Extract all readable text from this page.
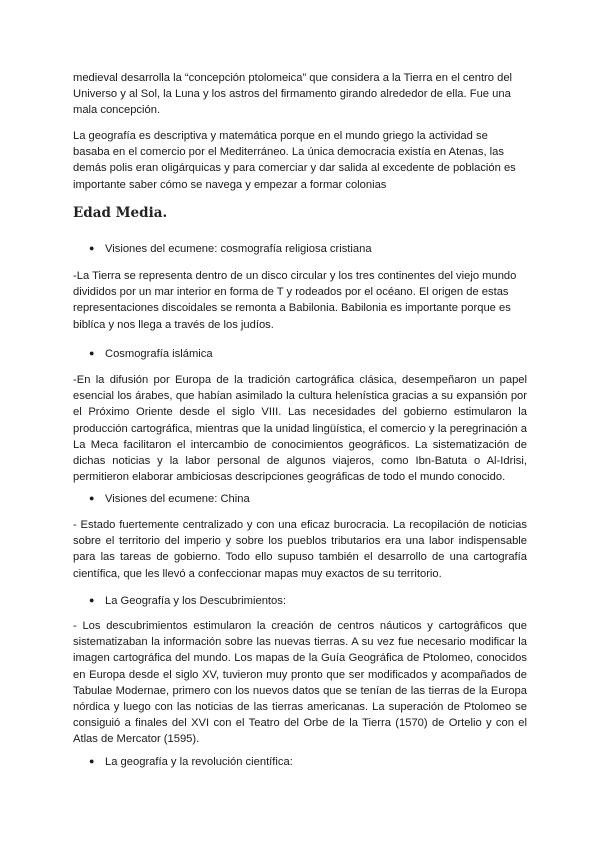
medieval desarrolla la “concepción ptolomeica” que considera a la Tierra en el centro del Universo y al Sol, la Luna y los astros del firmamento girando alrededor de ella. Fue una mala concepción.

La geografía es descriptiva y matemática porque en el mundo griego la actividad se basaba en el comercio por el Mediterráneo. La única democracia existía en Atenas, las demás polis eran oligárquicas y para comerciar y dar salida al excedente de población es importante saber cómo se navega y empezar a formar colonias

Edad Media.

● Visiones del ecumene: cosmografía religiosa cristiana

-La Tierra se representa dentro de un disco circular y los tres continentes del viejo mundo divididos por un mar interior en forma de T y rodeados por el océano. El origen de estas representaciones discoidales se remonta a Babilonia. Babilonia es importante porque es biblíca y nos llega a través de los judíos.

● Cosmografía islámica

-En la difusión por Europa de la tradición cartográfica clásica, desempeñaron un papel esencial los árabes, que habían asimilado la cultura helenística gracias a su expansión por el Próximo Oriente desde el siglo VIII. Las necesidades del gobierno estimularon la producción cartográfica, mientras que la unidad lingüística, el comercio y la peregrinación a La Meca facilitaron el intercambio de conocimientos geográficos. La sistematización de dichas noticias y la labor personal de algunos viajeros, como Ibn-Batuta o Al-Idrisi, permitieron elaborar ambiciosas descripciones geográficas de todo el mundo conocido.

● Visiones del ecumene: China

- Estado fuertemente centralizado y con una eficaz burocracia. La recopilación de noticias sobre el territorio del imperio y sobre los pueblos tributarios era una labor indispensable para las tareas de gobierno. Todo ello supuso también el desarrollo de una cartografía científica, que les llevó a confeccionar mapas muy exactos de su territorio.

● La Geografía y los Descubrimientos:

- Los descubrimientos estimularon la creación de centros náuticos y cartográficos que sistematizaban la información sobre las nuevas tierras. A su vez fue necesario modificar la imagen cartográfica del mundo. Los mapas de la Guía Geográfica de Ptolomeo, conocidos en Europa desde el siglo XV, tuvieron muy pronto que ser modificados y acompañados de Tabulae Modernae, primero con los nuevos datos que se tenían de las tierras de la Europa nórdica y luego con las noticias de las tierras americanas. La superación de Ptolomeo se consiguió a finales del XVI con el Teatro del Orbe de la Tierra (1570) de Ortelio y con el Atlas de Mercator (1595).

● La geografía y la revolución científica:
